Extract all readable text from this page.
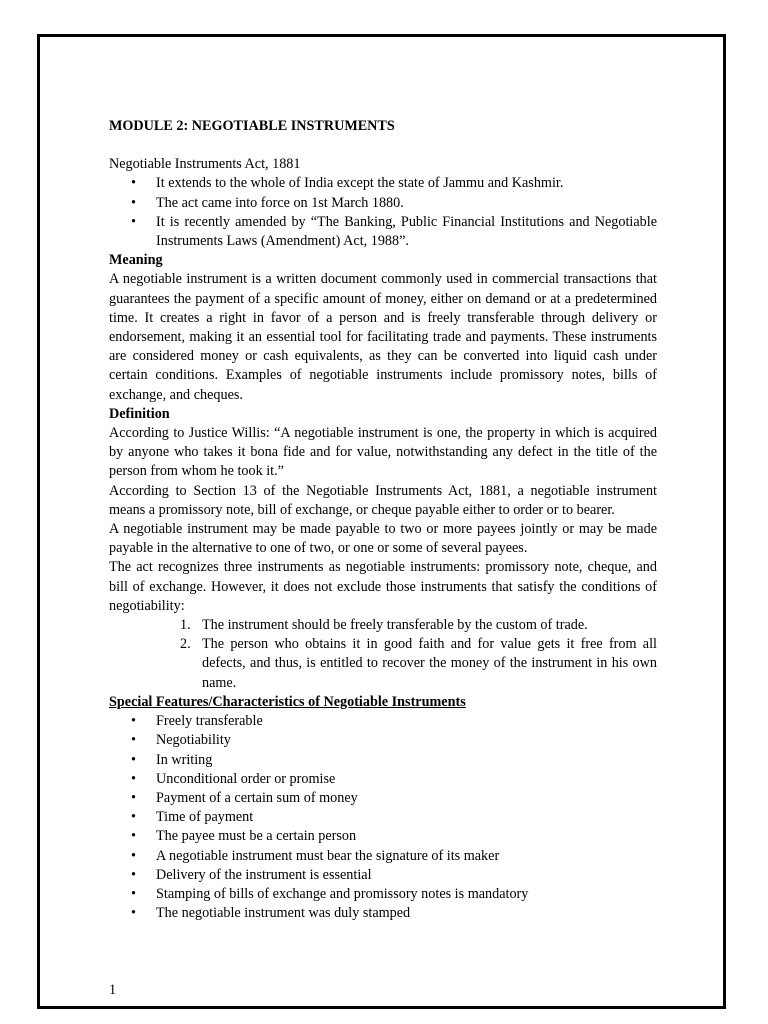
MODULE 2: NEGOTIABLE INSTRUMENTS

Negotiable Instruments Act, 1881

• It extends to the whole of India except the state of Jammu and Kashmir.
• The act came into force on 1st March 1880.
• It is recently amended by “The Banking, Public Financial Institutions and Negotiable Instruments Laws (Amendment) Act, 1988”.

Meaning

A negotiable instrument is a written document commonly used in commercial transactions that guarantees the payment of a specific amount of money, either on demand or at a predetermined time. It creates a right in favor of a person and is freely transferable through delivery or endorsement, making it an essential tool for facilitating trade and payments. These instruments are considered money or cash equivalents, as they can be converted into liquid cash under certain conditions. Examples of negotiable instruments include promissory notes, bills of exchange, and cheques.

Definition

According to Justice Willis: “A negotiable instrument is one, the property in which is acquired by anyone who takes it bona fide and for value, notwithstanding any defect in the title of the person from whom he took it.”

According to Section 13 of the Negotiable Instruments Act, 1881, a negotiable instrument means a promissory note, bill of exchange, or cheque payable either to order or to bearer.

A negotiable instrument may be made payable to two or more payees jointly or may be made payable in the alternative to one of two, or one or some of several payees.

The act recognizes three instruments as negotiable instruments: promissory note, cheque, and bill of exchange. However, it does not exclude those instruments that satisfy the conditions of negotiability:

1. The instrument should be freely transferable by the custom of trade.
2. The person who obtains it in good faith and for value gets it free from all defects, and thus, is entitled to recover the money of the instrument in his own name.

Special Features/Characteristics of Negotiable Instruments

• Freely transferable
• Negotiability
• In writing
• Unconditional order or promise
• Payment of a certain sum of money
• Time of payment
• The payee must be a certain person
• A negotiable instrument must bear the signature of its maker
• Delivery of the instrument is essential
• Stamping of bills of exchange and promissory notes is mandatory
• The negotiable instrument was duly stamped
1
